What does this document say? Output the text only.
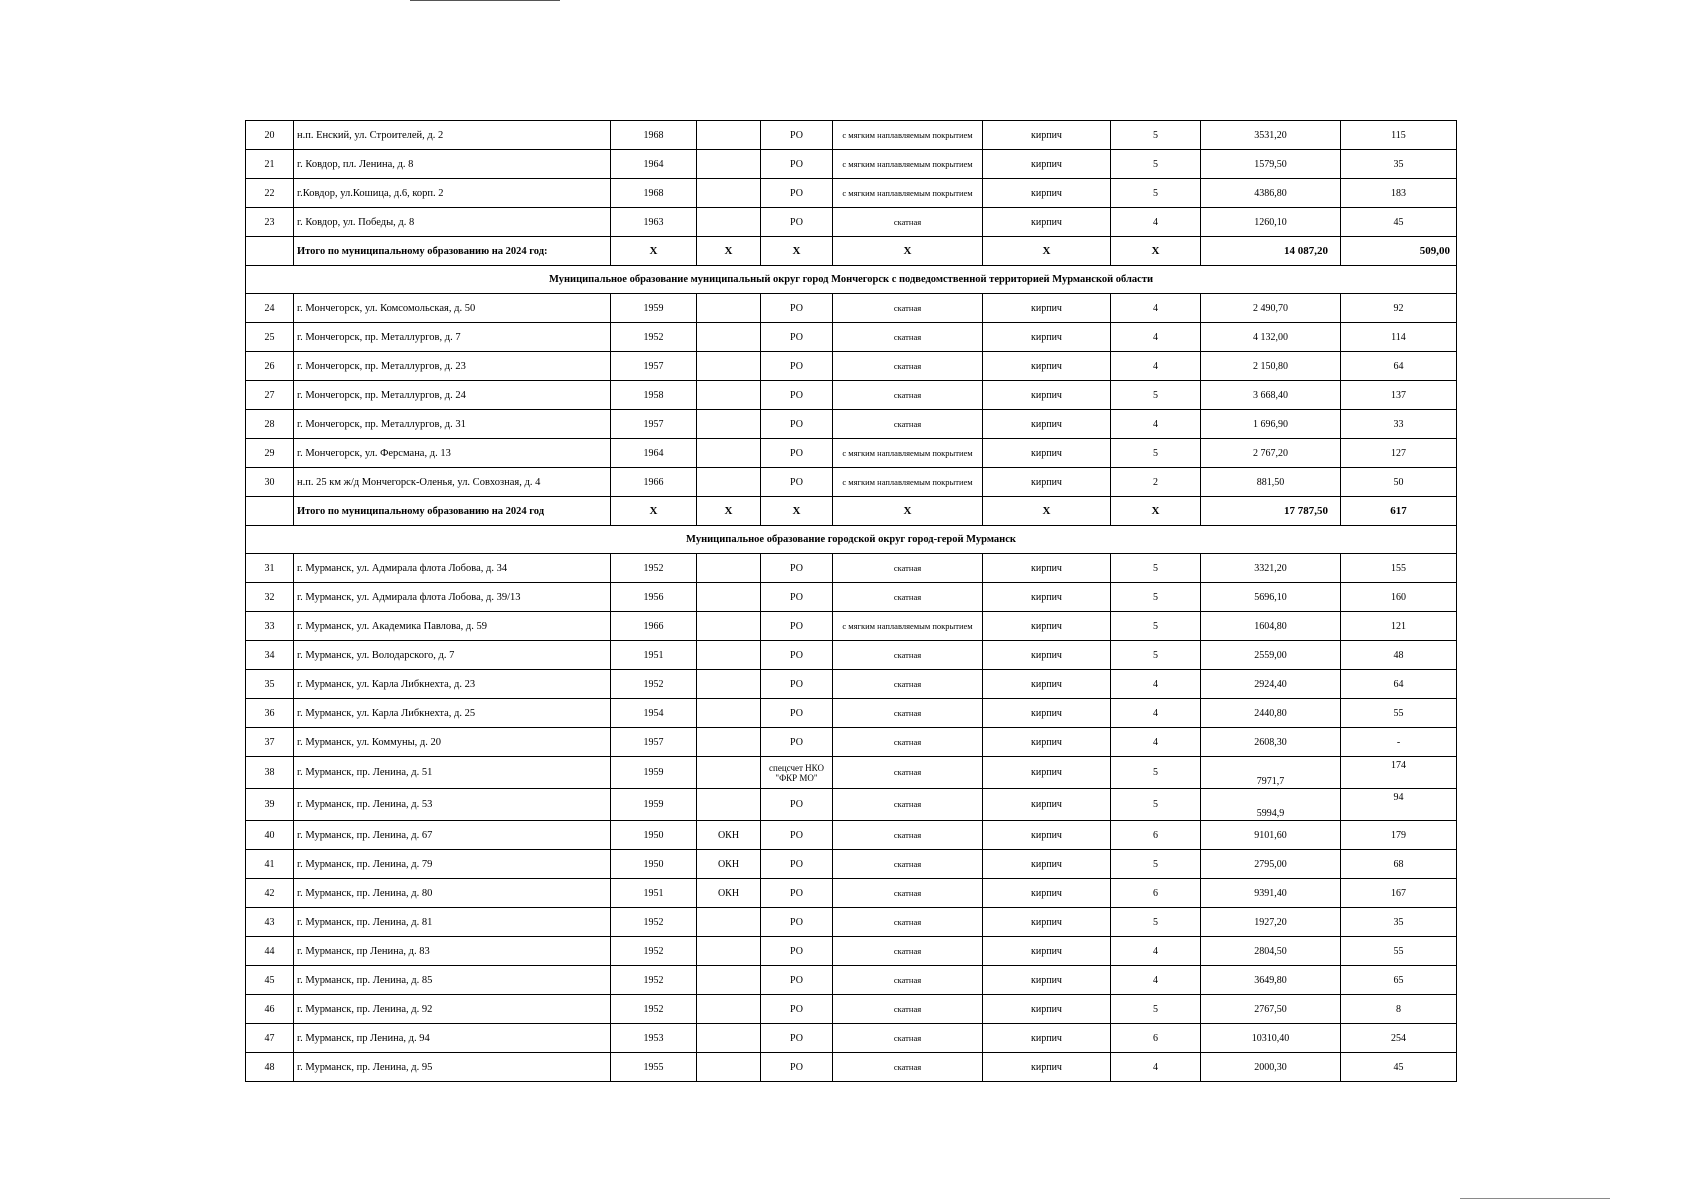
20	н.п. Енский, ул. Строителей, д. 2	1968		РО	с мягким наплавляемым покрытием	кирпич	5	3531,20	115
21	г. Ковдор, пл. Ленина, д. 8	1964		РО	с мягким наплавляемым покрытием	кирпич	5	1579,50	35
22	г.Ковдор, ул.Кошица, д.6, корп. 2	1968		РО	с мягким наплавляемым покрытием	кирпич	5	4386,80	183
23	г. Ковдор, ул. Победы, д. 8	1963		РО	скатная	кирпич	4	1260,10	45
	Итого по муниципальному образованию на 2024 год:	Х	Х	Х	Х	Х	Х	14 087,20	509,00
Муниципальное образование муниципальный округ город Мончегорск с подведомственной территорией Мурманской области									
24	г. Мончегорск, ул. Комсомольская, д. 50	1959		РО	скатная	кирпич	4	2 490,70	92
25	г. Мончегорск, пр. Металлургов, д. 7	1952		РО	скатная	кирпич	4	4 132,00	114
26	г. Мончегорск, пр. Металлургов, д. 23	1957		РО	скатная	кирпич	4	2 150,80	64
27	г. Мончегорск, пр. Металлургов, д. 24	1958		РО	скатная	кирпич	5	3 668,40	137
28	г. Мончегорск, пр. Металлургов, д. 31	1957		РО	скатная	кирпич	4	1 696,90	33
29	г. Мончегорск, ул. Ферсмана, д. 13	1964		РО	с мягким наплавляемым покрытием	кирпич	5	2 767,20	127
30	н.п. 25 км ж/д Мончегорск-Оленья, ул. Совхозная, д. 4	1966		РО	с мягким наплавляемым покрытием	кирпич	2	881,50	50
	Итого по муниципальному образованию на 2024 год	Х	Х	Х	Х	Х	Х	17 787,50	617
Муниципальное образование городской округ город-герой Мурманск									
31	г. Мурманск, ул. Адмирала флота Лобова, д. 34	1952		РО	скатная	кирпич	5	3321,20	155
32	г. Мурманск, ул. Адмирала флота Лобова, д. 39/13	1956		РО	скатная	кирпич	5	5696,10	160
33	г. Мурманск, ул. Академика Павлова, д. 59	1966		РО	с мягким наплавляемым покрытием	кирпич	5	1604,80	121
34	г. Мурманск, ул. Володарского, д. 7	1951		РО	скатная	кирпич	5	2559,00	48
35	г. Мурманск, ул. Карла Либкнехта, д. 23	1952		РО	скатная	кирпич	4	2924,40	64
36	г. Мурманск, ул. Карла Либкнехта, д. 25	1954		РО	скатная	кирпич	4	2440,80	55
37	г. Мурманск, ул. Коммуны, д. 20	1957		РО	скатная	кирпич	4	2608,30	-
38	г. Мурманск, пр. Ленина, д. 51	1959		спецсчет НКО "ФКР МО"	скатная	кирпич	5	7971,7	174
39	г. Мурманск, пр. Ленина, д. 53	1959		РО	скатная	кирпич	5	5994,9	94
40	г. Мурманск, пр. Ленина, д. 67	1950	ОКН	РО	скатная	кирпич	6	9101,60	179
41	г. Мурманск, пр. Ленина, д. 79	1950	ОКН	РО	скатная	кирпич	5	2795,00	68
42	г. Мурманск, пр. Ленина, д. 80	1951	ОКН	РО	скатная	кирпич	6	9391,40	167
43	г. Мурманск, пр. Ленина, д. 81	1952		РО	скатная	кирпич	5	1927,20	35
44	г. Мурманск, пр Ленина, д. 83	1952		РО	скатная	кирпич	4	2804,50	55
45	г. Мурманск, пр. Ленина, д. 85	1952		РО	скатная	кирпич	4	3649,80	65
46	г. Мурманск, пр. Ленина, д. 92	1952		РО	скатная	кирпич	5	2767,50	8
47	г. Мурманск, пр Ленина, д. 94	1953		РО	скатная	кирпич	6	10310,40	254
48	г. Мурманск, пр. Ленина, д. 95	1955		РО	скатная	кирпич	4	2000,30	45
